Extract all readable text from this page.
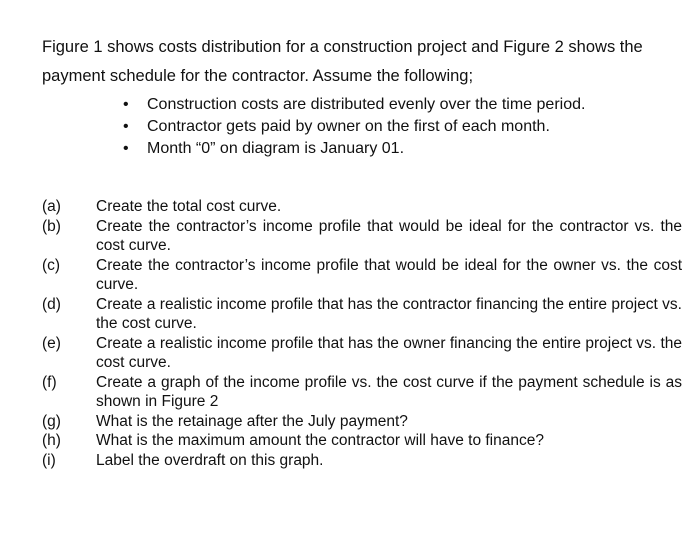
Figure 1 shows costs distribution for a construction project and Figure 2 shows the
payment schedule for the contractor. Assume the following;

• Construction costs are distributed evenly over the time period.
• Contractor gets paid by owner on the first of each month.
• Month “0” on diagram is January 01.
(a) Create the total cost curve.
(b) Create the contractor’s income profile that would be ideal for the contractor vs. the cost curve.
(c) Create the contractor’s income profile that would be ideal for the owner vs. the cost curve.
(d) Create a realistic income profile that has the contractor financing the entire project vs. the cost curve.
(e) Create a realistic income profile that has the owner financing the entire project vs. the cost curve.
(f)	Create a graph of the income profile vs. the cost curve if the payment schedule is as shown in Figure 2
(g) What is the retainage after the July payment?
(h) What is the maximum amount the contractor will have to finance?
(i)	Label the overdraft on this graph.
